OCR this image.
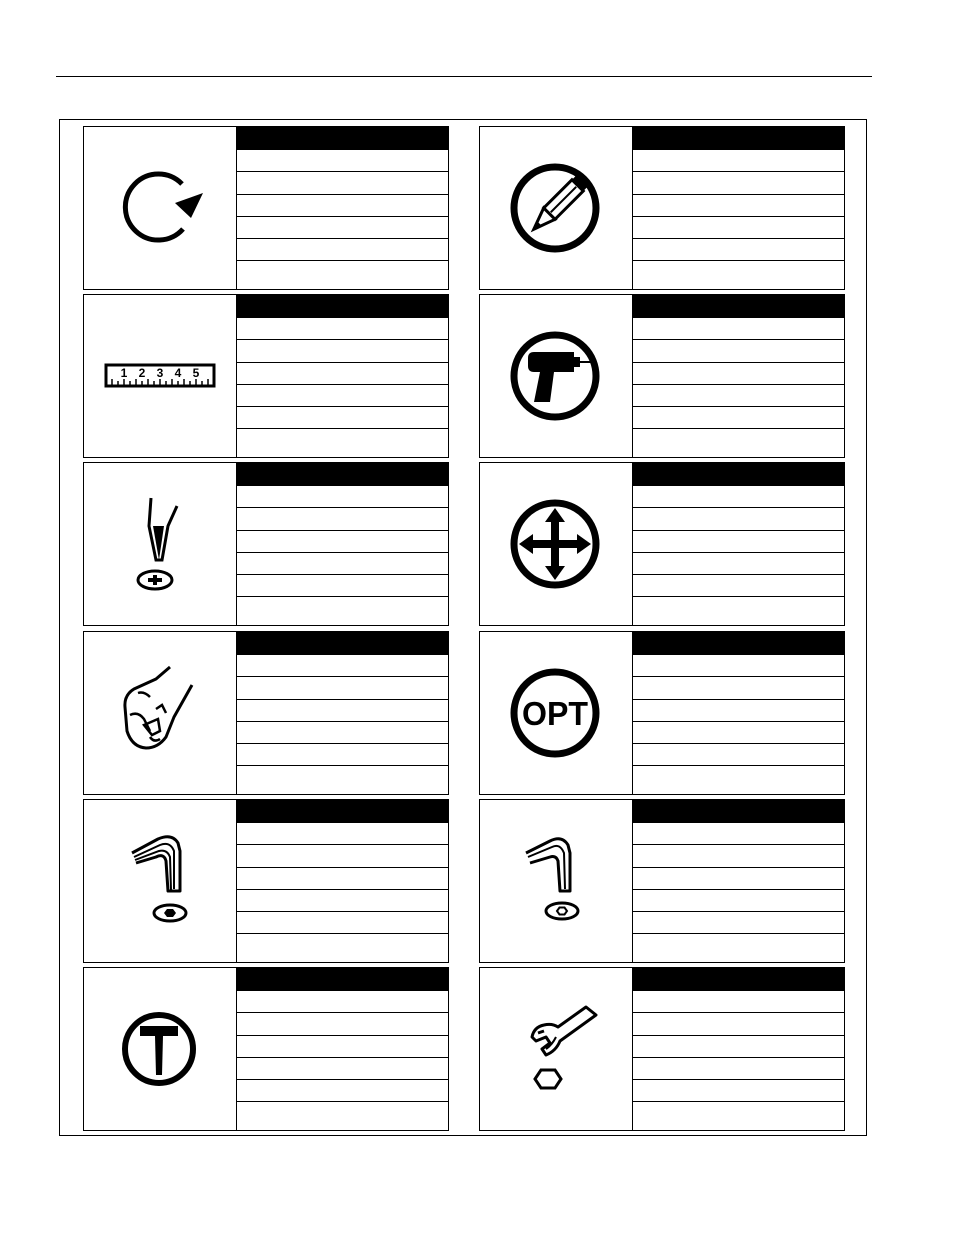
1 2 3 4 5
OPT
